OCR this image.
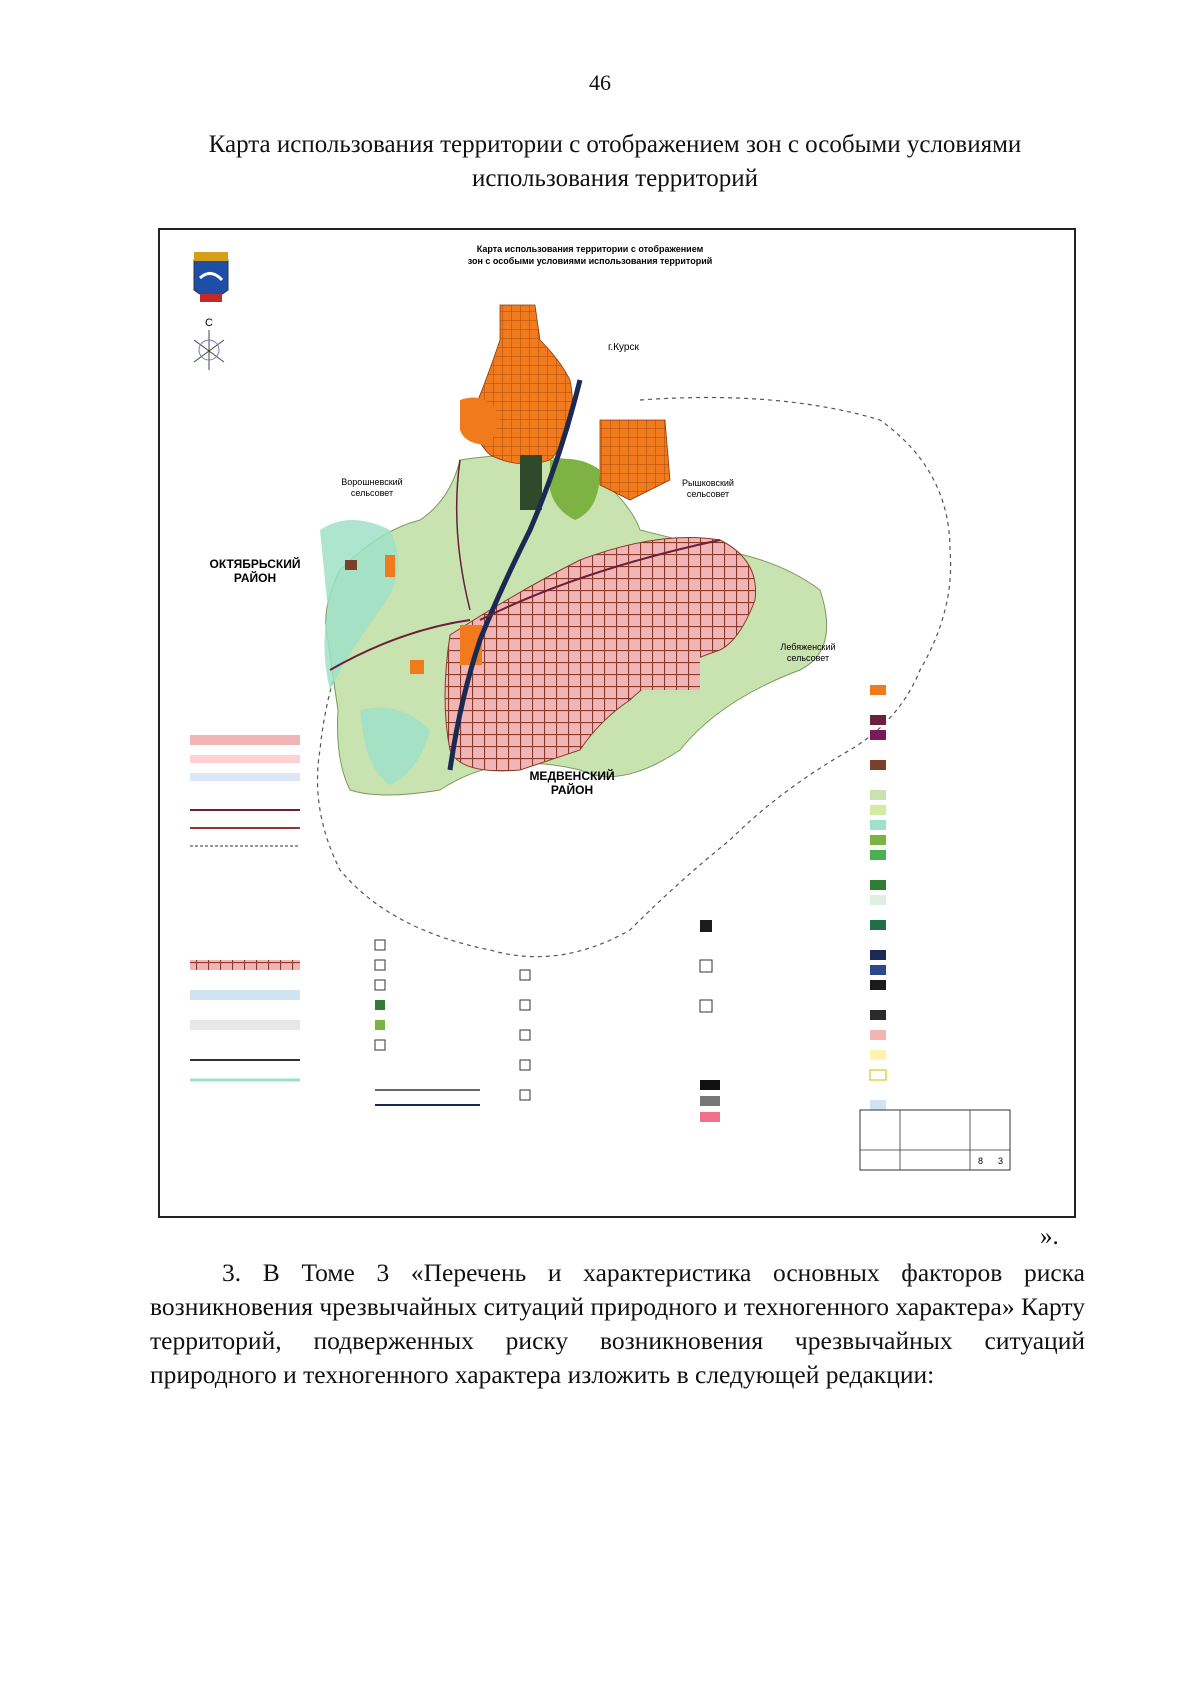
46
Карта использования территории с отображением зон с особыми условиями использования территорий
Карта использования территории с отображением
зон с особыми условиями использования территорий
С
г.Курск
Ворошневский
сельсовет
Рышковский
сельсовет
ОКТЯБРЬСКИЙ
РАЙОН
Лебяженский
сельсовет
МЕДВЕНСКИЙ
РАЙОН
8 3
».
3. В Томе 3 «Перечень и характеристика основных факторов риска возникновения чрезвычайных ситуаций природного и техногенного характера» Карту территорий, подверженных риску возникновения чрезвычайных ситуаций природного и техногенного характера изложить в следующей редакции:
